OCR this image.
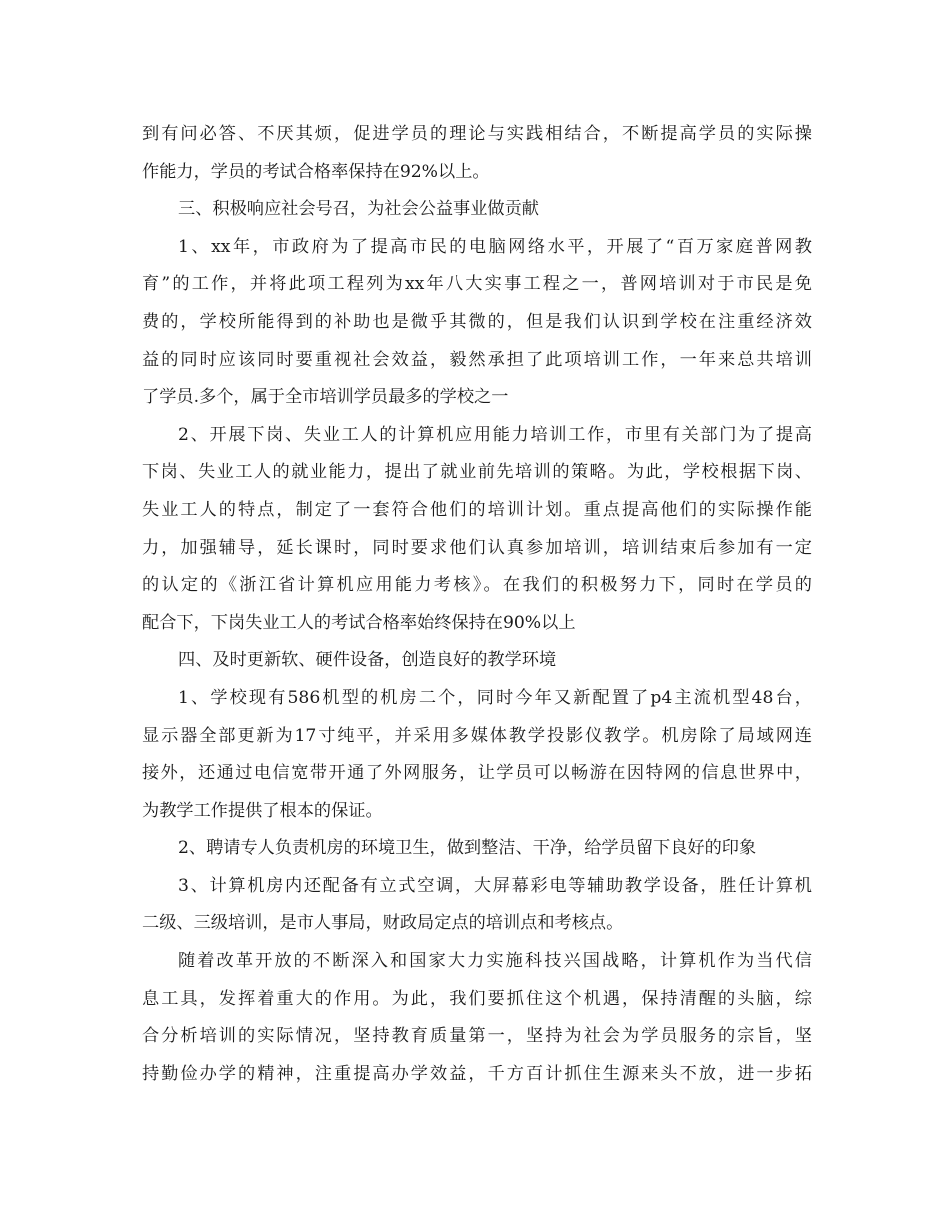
到有问必答、不厌其烦，促进学员的理论与实践相结合，不断提高学员的实际操
作能力，学员的考试合格率保持在92%以上。
三、积极响应社会号召，为社会公益事业做贡献
1、xx年，市政府为了提高市民的电脑网络水平，开展了“百万家庭普网教
育”的工作，并将此项工程列为xx年八大实事工程之一，普网培训对于市民是免
费的，学校所能得到的补助也是微乎其微的，但是我们认识到学校在注重经济效
益的同时应该同时要重视社会效益，毅然承担了此项培训工作，一年来总共培训
了学员.多个，属于全市培训学员最多的学校之一
2、开展下岗、失业工人的计算机应用能力培训工作，市里有关部门为了提高
下岗、失业工人的就业能力，提出了就业前先培训的策略。为此，学校根据下岗、
失业工人的特点，制定了一套符合他们的培训计划。重点提高他们的实际操作能
力，加强辅导，延长课时，同时要求他们认真参加培训，培训结束后参加有一定
的认定的《浙江省计算机应用能力考核》。在我们的积极努力下，同时在学员的
配合下，下岗失业工人的考试合格率始终保持在90%以上
四、及时更新软、硬件设备，创造良好的教学环境
1、学校现有586机型的机房二个，同时今年又新配置了p4主流机型48台，
显示器全部更新为17寸纯平，并采用多媒体教学投影仪教学。机房除了局域网连
接外，还通过电信宽带开通了外网服务，让学员可以畅游在因特网的信息世界中，
为教学工作提供了根本的保证。
2、聘请专人负责机房的环境卫生，做到整洁、干净，给学员留下良好的印象
3、计算机房内还配备有立式空调，大屏幕彩电等辅助教学设备，胜任计算机
二级、三级培训，是市人事局，财政局定点的培训点和考核点。
随着改革开放的不断深入和国家大力实施科技兴国战略，计算机作为当代信
息工具，发挥着重大的作用。为此，我们要抓住这个机遇，保持清醒的头脑，综
合分析培训的实际情况，坚持教育质量第一，坚持为社会为学员服务的宗旨，坚
持勤俭办学的精神，注重提高办学效益，千方百计抓住生源来头不放，进一步拓
